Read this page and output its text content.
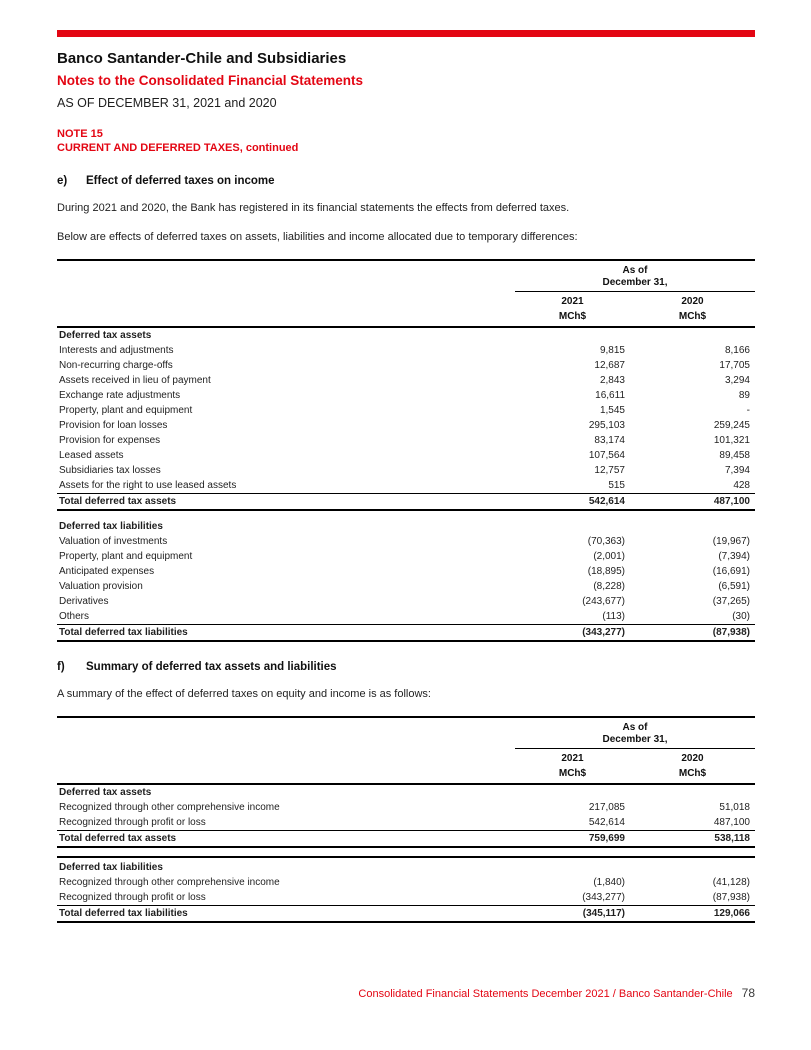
Banco Santander-Chile and Subsidiaries
Notes to the Consolidated Financial Statements
AS OF DECEMBER 31, 2021 and 2020
NOTE 15
CURRENT AND DEFERRED TAXES, continued
e)	Effect of deferred taxes on income

During 2021 and 2020, the Bank has registered in its financial statements the effects from deferred taxes.

Below are effects of deferred taxes on assets, liabilities and income allocated due to temporary differences:

As of
December 31,
2021	2020
MCh$	MCh$
Deferred tax assets
Interests and adjustments	9,815	8,166
Non-recurring charge-offs	12,687	17,705
Assets received in lieu of payment	2,843	3,294
Exchange rate adjustments	16,611	89
Property, plant and equipment	1,545	-
Provision for loan losses	295,103	259,245
Provision for expenses	83,174	101,321
Leased assets	107,564	89,458
Subsidiaries tax losses	12,757	7,394
Assets for the right to use leased assets	515	428
Total deferred tax assets	542,614	487,100
Deferred tax liabilities
Valuation of investments	(70,363)	(19,967)
Property, plant and equipment	(2,001)	(7,394)
Anticipated expenses	(18,895)	(16,691)
Valuation provision	(8,228)	(6,591)
Derivatives	(243,677)	(37,265)
Others	(113)	(30)
Total deferred tax liabilities	(343,277)	(87,938)
f)	Summary of deferred tax assets and liabilities

A summary of the effect of deferred taxes on equity and income is as follows:

As of
December 31,
2021	2020
MCh$	MCh$
Deferred tax assets
Recognized through other comprehensive income	217,085	51,018
Recognized through profit or loss	542,614	487,100
Total deferred tax assets	759,699	538,118
Deferred tax liabilities
Recognized through other comprehensive income	(1,840)	(41,128)
Recognized through profit or loss	(343,277)	(87,938)
Total deferred tax liabilities	(345,117)	129,066
Consolidated Financial Statements December 2021 / Banco Santander-Chile 78
